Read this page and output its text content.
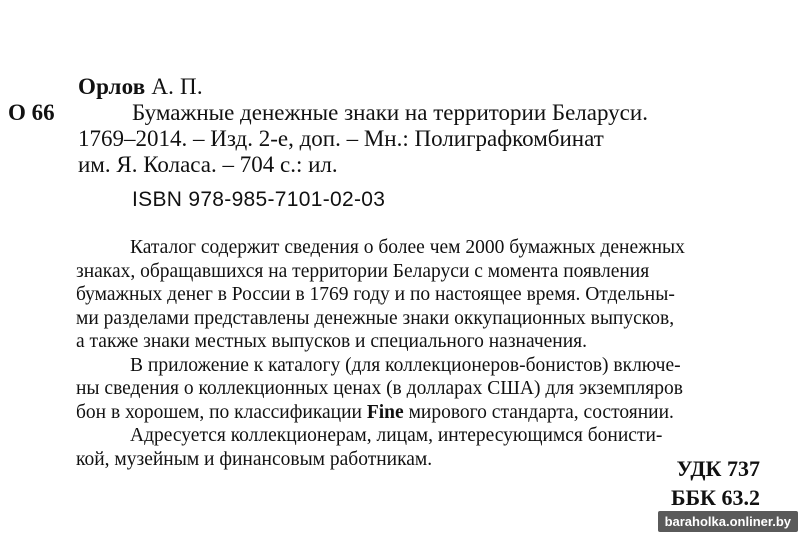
Орлов А. П.
О 66	Бумажные денежные знаки на территории Беларуси.
1769–2014. – Изд. 2-е, доп. – Мн.: Полиграфкомбинат
им. Я. Коласа. – 704 с.: ил.
ISBN 978-985-7101-02-03
Каталог содержит сведения о более чем 2000 бумажных денежных
знаках, обращавшихся на территории Беларуси с момента появления
бумажных денег в России в 1769 году и по настоящее время. Отдельны-
ми разделами представлены денежные знаки оккупационных выпусков,
а также знаки местных выпусков и специального назначения.
В приложение к каталогу (для коллекционеров-бонистов) включе-
ны сведения о коллекционных ценах (в долларах США) для экземпляров
бон в хорошем, по классификации Fine мирового стандарта, состоянии.
Адресуется коллекционерам, лицам, интересующимся бонисти-
кой, музейным и финансовым работникам.	УДК 737
ББК 63.2
baraholka.onliner.by
